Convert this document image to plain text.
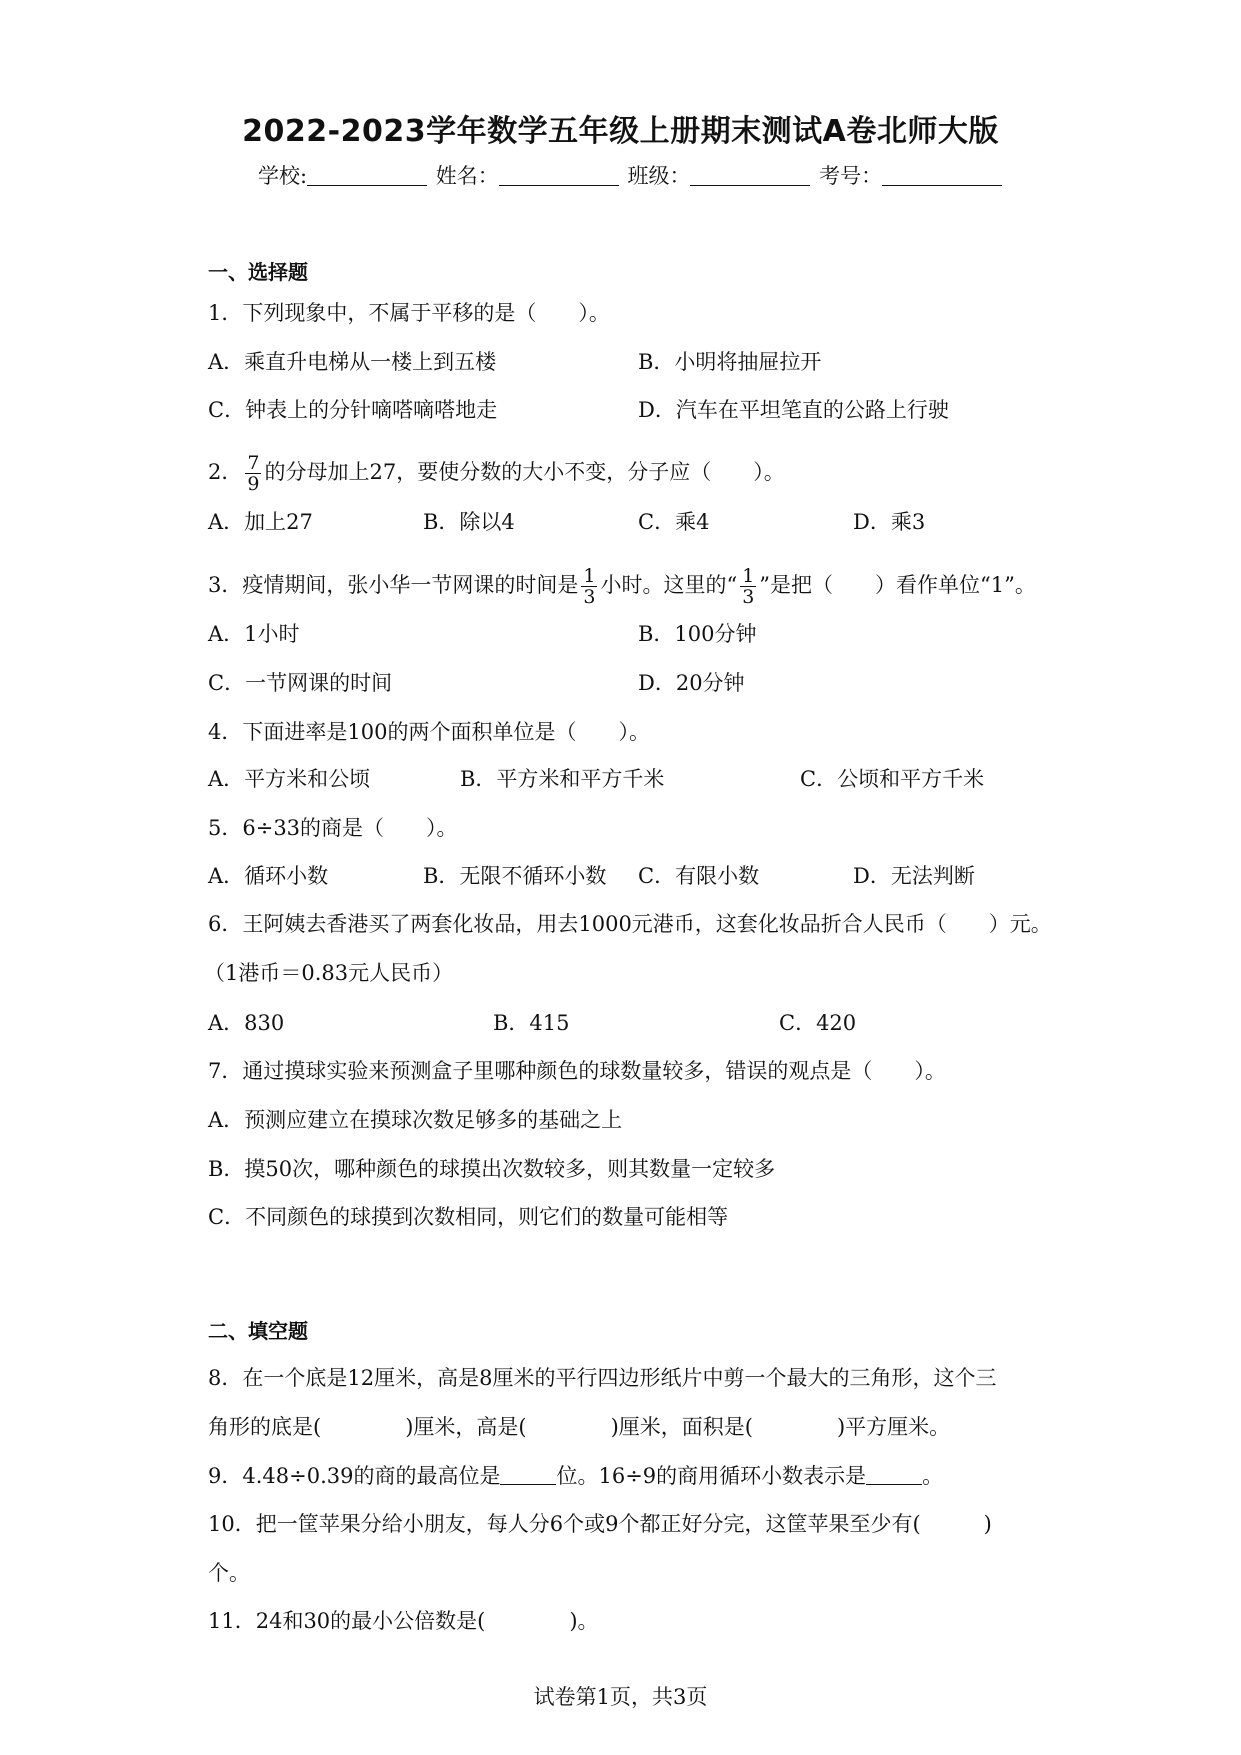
2022-2023学年数学五年级上册期末测试A卷北师大版
学校:	姓名：	班级：	考号：
一、选择题
1．下列现象中，不属于平移的是（　　）。
A．乘直升电梯从一楼上到五楼	B．小明将抽屉拉开
C．钟表上的分针嘀嗒嘀嗒地走	D．汽车在平坦笔直的公路上行驶
2． $\frac{7}{9}$ 的分母加上27，要使分数的大小不变，分子应（　　）。
A．加上27	B．除以4	C．乘4	D．乘3
3．疫情期间，张小华一节网课的时间是 $\frac{1}{3}$ 小时。这里的“ $\frac{1}{3}$ ”是把（　　）看作单位“1”。
A．1小时	B．100分钟
C．一节网课的时间	D．20分钟
4．下面进率是100的两个面积单位是（　　）。
A．平方米和公顷	B．平方米和平方千米	C．公顷和平方千米
5．6÷33的商是（　　）。
A．循环小数	B．无限不循环小数 C．有限小数	D．无法判断
6．王阿姨去香港买了两套化妆品，用去1000元港币，这套化妆品折合人民币（　　）元。
（1港币＝0.83元人民币）
A．830	B．415	C．420
7．通过摸球实验来预测盒子里哪种颜色的球数量较多，错误的观点是（　　）。
A．预测应建立在摸球次数足够多的基础之上
B．摸50次，哪种颜色的球摸出次数较多，则其数量一定较多
C．不同颜色的球摸到次数相同，则它们的数量可能相等
二、填空题
8．在一个底是12厘米，高是8厘米的平行四边形纸片中剪一个最大的三角形，这个三
角形的底是(　　　　)厘米，高是(　　　　)厘米，面积是(　　　　)平方厘米。
9．4.48÷0.39的商的最高位是	位。16÷9的商用循环小数表示是	。
10．把一筐苹果分给小朋友，每人分6个或9个都正好分完，这筐苹果至少有(　　　)
个。
11．24和30的最小公倍数是(　　　　)。
试卷第1页，共3页
